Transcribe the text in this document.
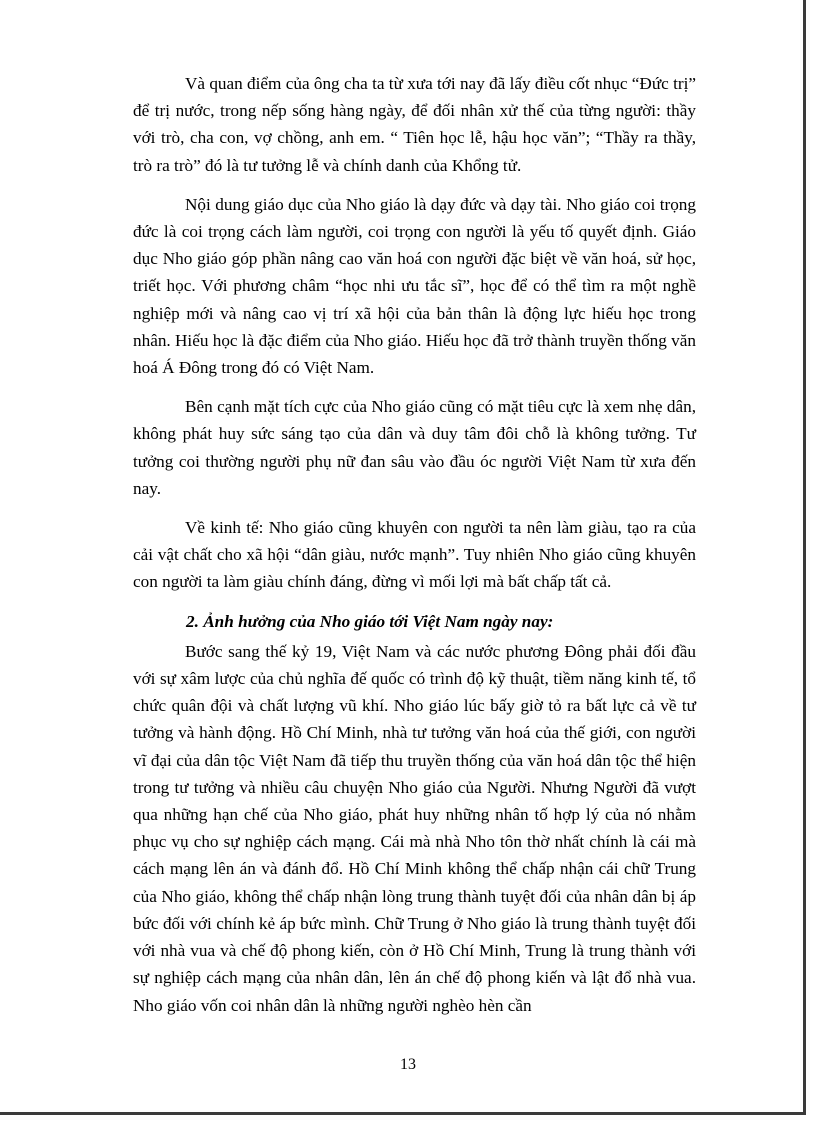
Và quan điểm của ông cha ta từ xưa tới nay đã lấy điều cốt nhục “Đức trị” để trị nước, trong nếp sống hàng ngày, để đối nhân xử thế của từng người: thầy với trò, cha con, vợ chồng, anh em. “ Tiên học lễ, hậu học văn”; “Thầy ra thầy, trò ra trò” đó là tư tưởng lễ và chính danh của Khổng tử.

Nội dung giáo dục của Nho giáo là dạy đức và dạy tài. Nho giáo coi trọng đức là coi trọng cách làm người, coi trọng con người là yếu tố quyết định. Giáo dục Nho giáo góp phần nâng cao văn hoá con người đặc biệt về văn hoá, sử học, triết học. Với phương châm “học nhi ưu tắc sĩ”, học để có thể tìm ra một nghề nghiệp mới và nâng cao vị trí xã hội của bản thân là động lực hiếu học trong nhân. Hiếu học là đặc điểm của Nho giáo. Hiếu học đã trở thành truyền thống văn hoá Á Đông trong đó có Việt Nam.

Bên cạnh mặt tích cực của Nho giáo cũng có mặt tiêu cực là xem nhẹ dân, không phát huy sức sáng tạo của dân và duy tâm đôi chỗ là không tưởng. Tư tưởng coi thường người phụ nữ đan sâu vào đầu óc người Việt Nam từ xưa đến nay.

Về kinh tế: Nho giáo cũng khuyên con người ta nên làm giàu, tạo ra của cải vật chất cho xã hội “dân giàu, nước mạnh”. Tuy nhiên Nho giáo cũng khuyên con người ta làm giàu chính đáng, đừng vì mối lợi mà bất chấp tất cả.

2. Ảnh hưởng của Nho giáo tới Việt Nam ngày nay:

Bước sang thế kỷ 19, Việt Nam và các nước phương Đông phải đối đầu với sự xâm lược của chủ nghĩa đế quốc có trình độ kỹ thuật, tiềm năng kinh tế, tổ chức quân đội và chất lượng vũ khí. Nho giáo lúc bấy giờ tỏ ra bất lực cả về tư tưởng và hành động. Hồ Chí Minh, nhà tư tưởng văn hoá của thế giới, con người vĩ đại của dân tộc Việt Nam đã tiếp thu truyền thống của văn hoá dân tộc thể hiện trong tư tưởng và nhiều câu chuyện Nho giáo của Người. Nhưng Người đã vượt qua những hạn chế của Nho giáo, phát huy những nhân tố hợp lý của nó nhằm phục vụ cho sự nghiệp cách mạng. Cái mà nhà Nho tôn thờ nhất chính là cái mà cách mạng lên án và đánh đổ. Hồ Chí Minh không thể chấp nhận cái chữ Trung của Nho giáo, không thể chấp nhận lòng trung thành tuyệt đối của nhân dân bị áp bức đối với chính kẻ áp bức mình. Chữ Trung ở Nho giáo là trung thành tuyệt đối với nhà vua và chế độ phong kiến, còn ở Hồ Chí Minh, Trung là trung thành với sự nghiệp cách mạng của nhân dân, lên án chế độ phong kiến và lật đổ nhà vua. Nho giáo vốn coi nhân dân là những người nghèo hèn cần

13
